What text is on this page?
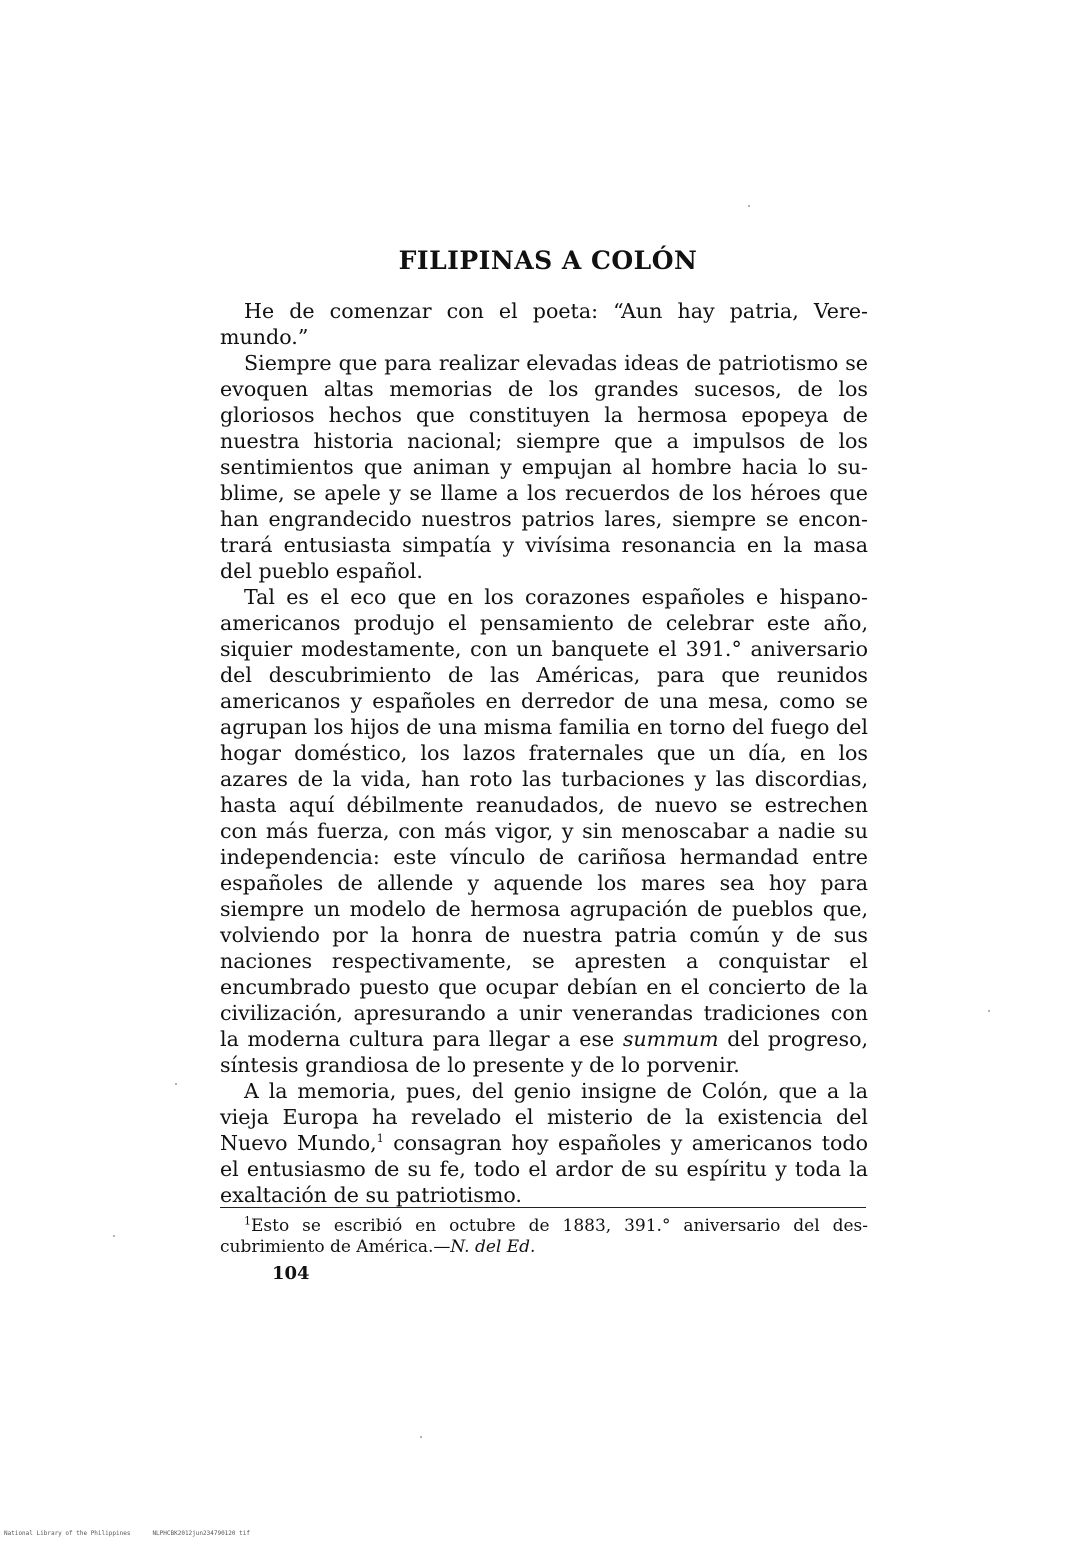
FILIPINAS A COLÓN

He de comenzar con el poeta: “Aun hay patria, Veremundo.”

Siempre que para realizar elevadas ideas de patriotismo se evoquen altas memorias de los grandes sucesos, de los gloriosos hechos que constituyen la hermosa epopeya de nuestra historia nacional; siempre que a impulsos de los sentimientos que animan y empujan al hombre hacia lo sublime, se apele y se llame a los recuerdos de los héroes que han engrandecido nuestros patrios lares, siempre se encontrará entusiasta simpatía y vivísima resonancia en la masa del pueblo español.

Tal es el eco que en los corazones españoles e hispano-americanos produjo el pensamiento de celebrar este año, siquier modestamente, con un banquete el 391.° aniversario del descubrimiento de las Américas, para que reunidos americanos y españoles en derredor de una mesa, como se agrupan los hijos de una misma familia en torno del fuego del hogar doméstico, los lazos fraternales que un día, en los azares de la vida, han roto las turbaciones y las discordias, hasta aquí débilmente reanudados, de nuevo se estrechen con más fuerza, con más vigor, y sin menoscabar a nadie su independencia: este vínculo de cariñosa hermandad entre españoles de allende y aquende los mares sea hoy para siempre un modelo de hermosa agrupación de pueblos que, volviendo por la honra de nuestra patria común y de sus naciones respectivamente, se apresten a conquistar el encumbrado puesto que ocupar debían en el concierto de la civilización, apresurando a unir venerandas tradiciones con la moderna cultura para llegar a ese summum del progreso, síntesis grandiosa de lo presente y de lo porvenir.

A la memoria, pues, del genio insigne de Colón, que a la vieja Europa ha revelado el misterio de la existencia del Nuevo Mundo,$^1$ consagran hoy españoles y americanos todo el entusiasmo de su fe, todo el ardor de su espíritu y toda la exaltación de su patriotismo.

$^1$Esto se escribió en octubre de 1883, 391.° aniversario del descubrimiento de América.—N. del Ed.

104
National Library of the Philippines	NLPHCBK2012jun234790120 tif
